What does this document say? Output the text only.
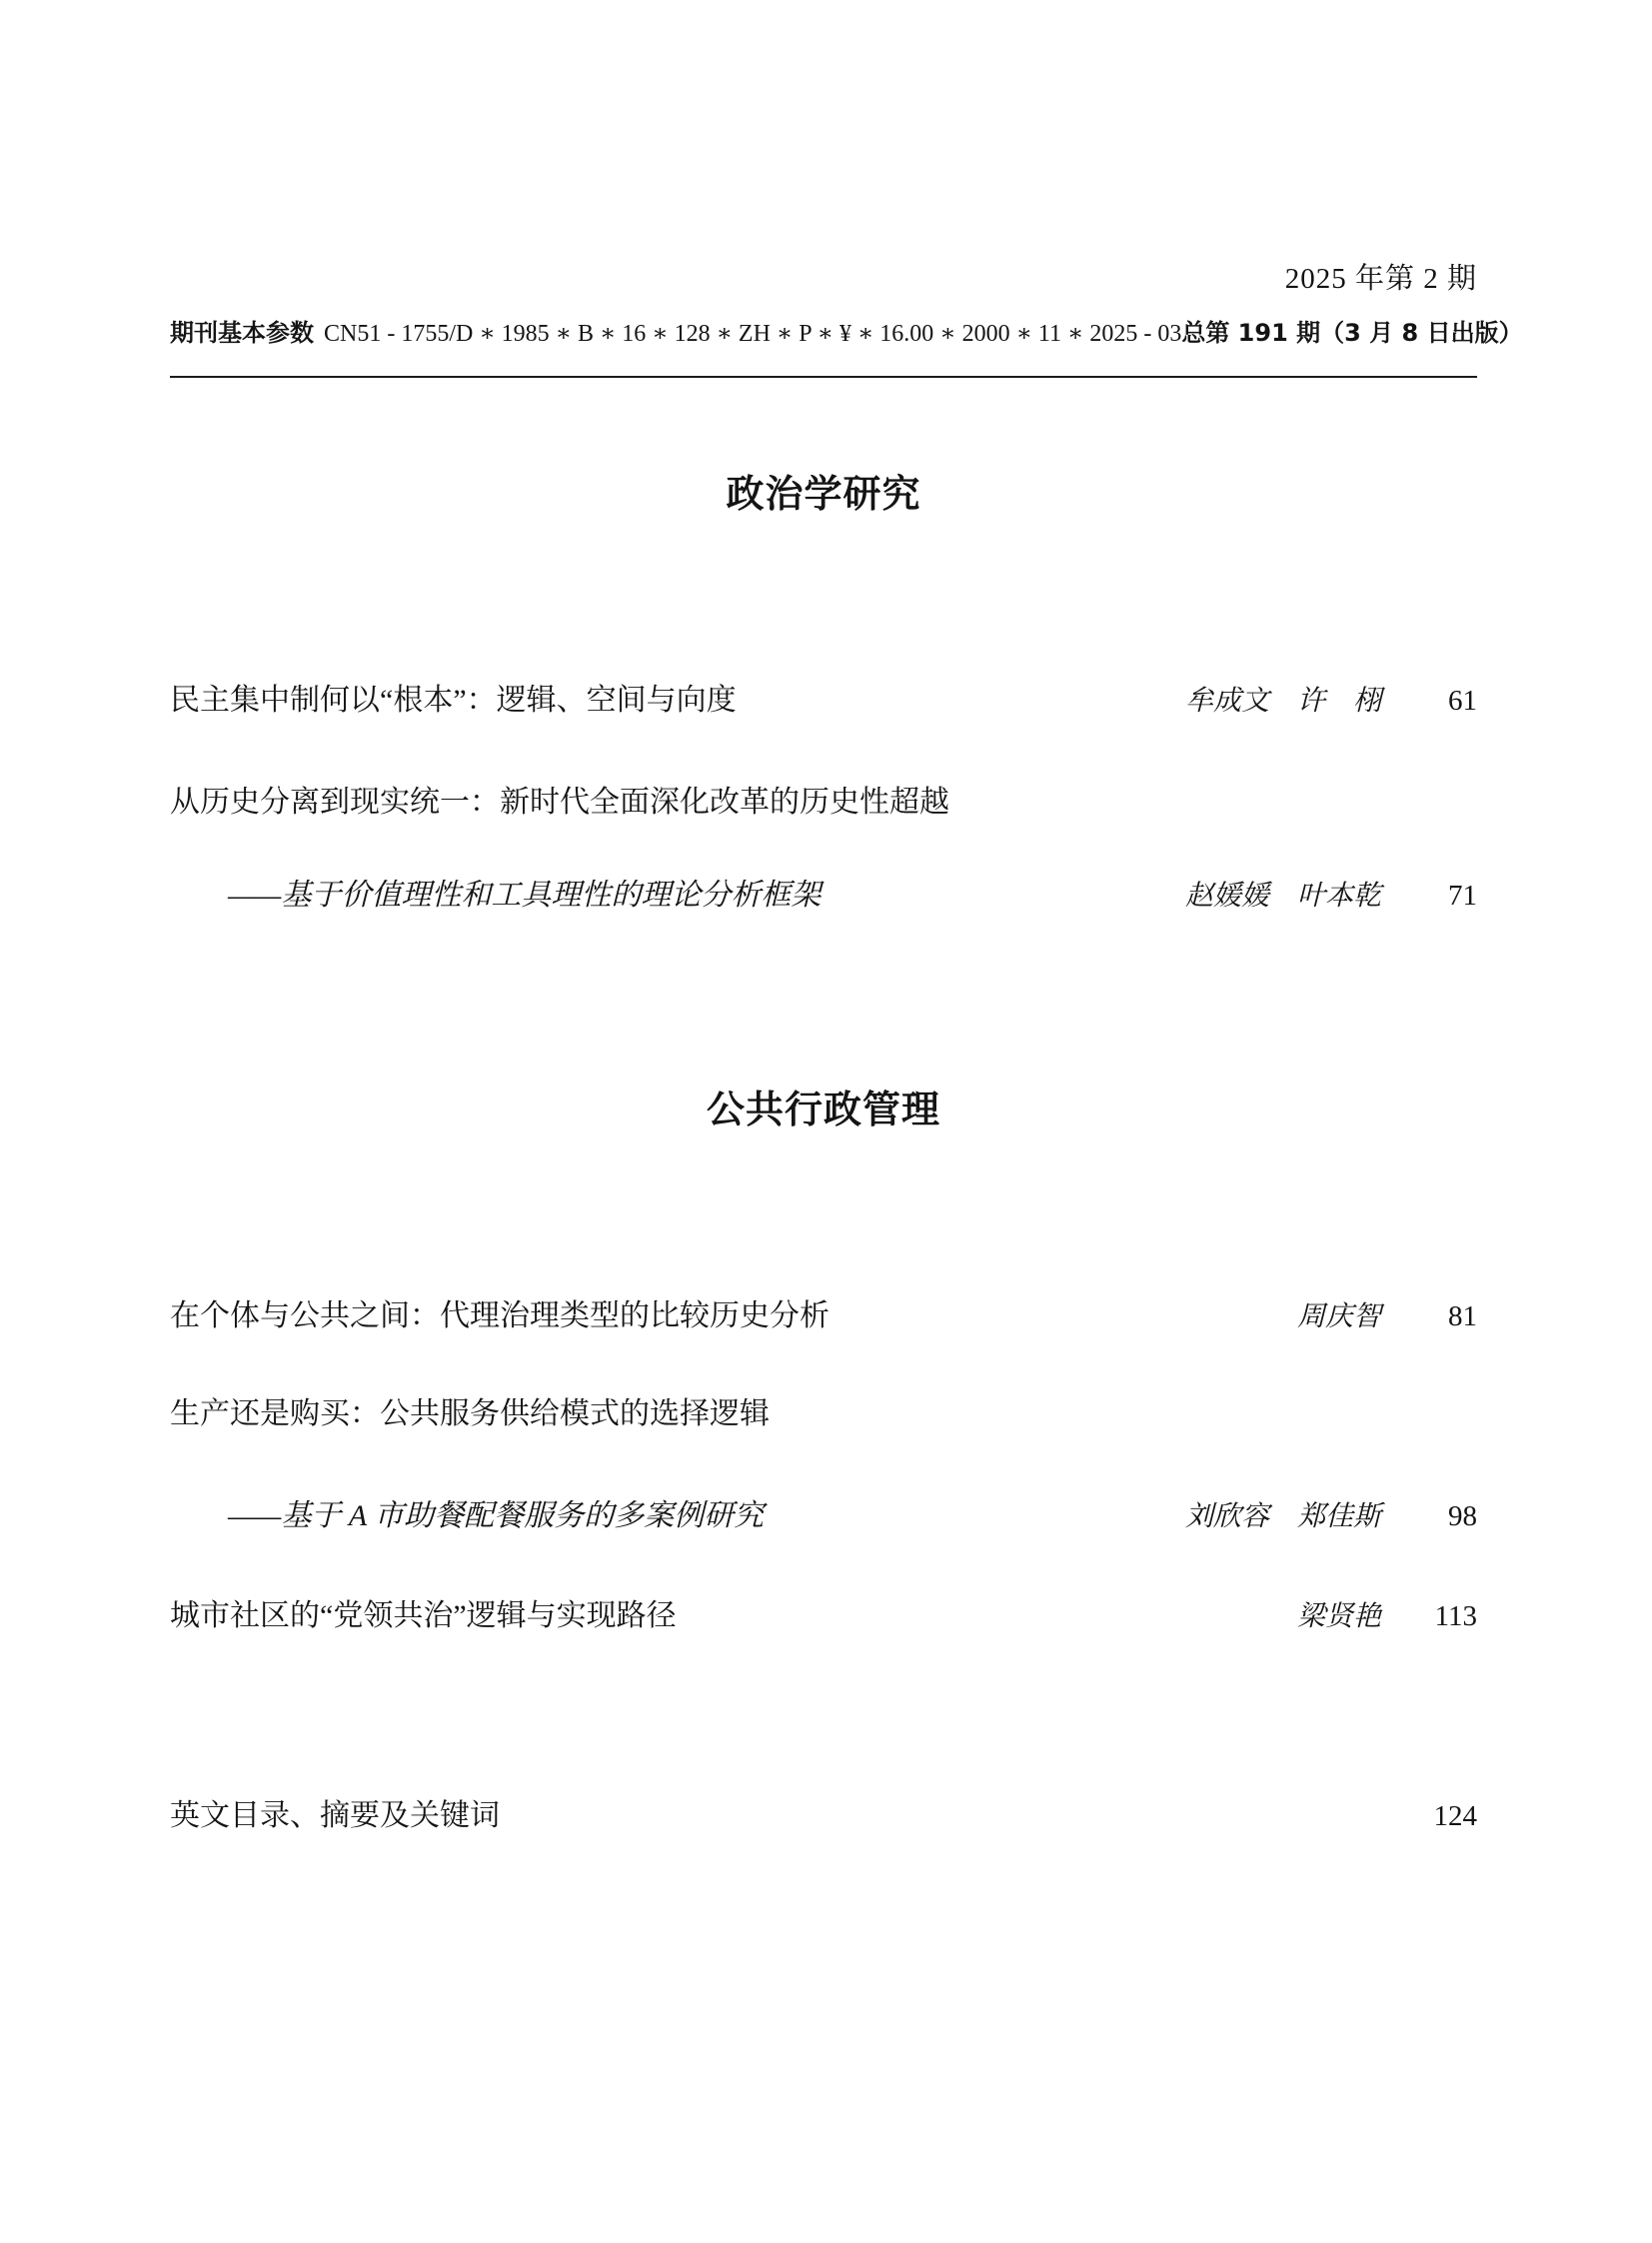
2025 年第 2 期
期刊基本参数 CN51 - 1755/D ∗ 1985 ∗ B ∗ 16 ∗ 128 ∗ ZH ∗ P ∗ ¥ ∗ 16.00 ∗ 2000 ∗ 11 ∗ 2025 - 03 总第 191 期（3 月 8 日出版）
政治学研究
民主集中制何以“根本”：逻辑、空间与向度	牟成文　许　栩	61
从历史分离到现实统一：新时代全面深化改革的历史性超越
——基于价值理性和工具理性的理论分析框架	赵媛媛　叶本乾	71
公共行政管理
在个体与公共之间：代理治理类型的比较历史分析	周庆智	81
生产还是购买：公共服务供给模式的选择逻辑
——基于 A 市助餐配餐服务的多案例研究	刘欣容　郑佳斯	98
城市社区的“党领共治”逻辑与实现路径	梁贤艳	113
英文目录、摘要及关键词	124
